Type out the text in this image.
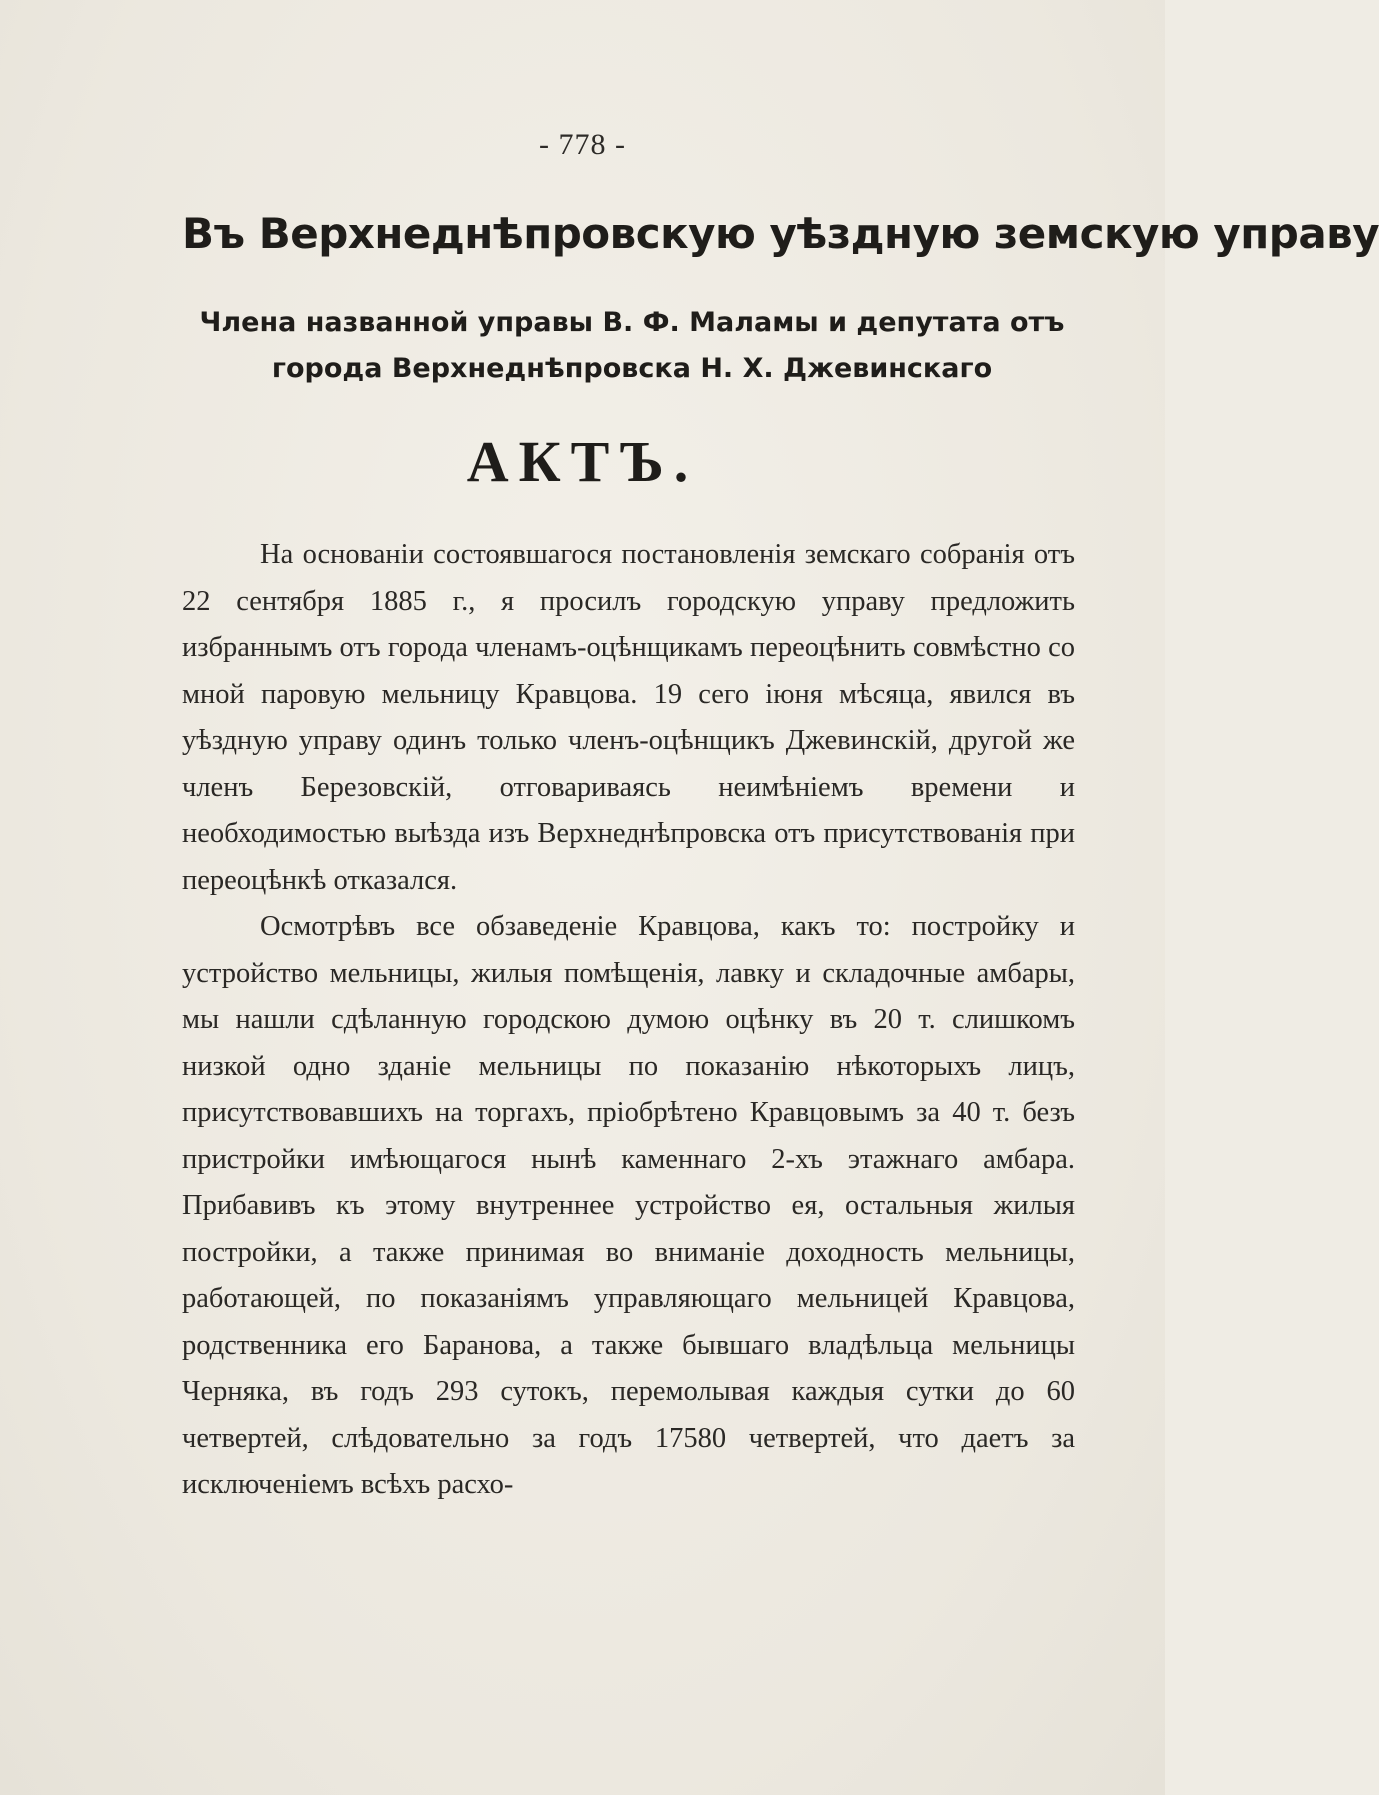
- 778 -
Въ Верхнеднѣпровскую уѣздную земскую управу
Члена названной управы В. Ф. Маламы и депутата отъ города Верхнеднѣпровска Н. Х. Джевинскаго
АКТЪ.

На основаніи состоявшагося постановленія земскаго собранія отъ 22 сентября 1885 г., я просилъ городскую управу предложить избраннымъ отъ города членамъ-оцѣнщикамъ переоцѣнить совмѣстно со мной паровую мельницу Кравцова. 19 сего іюня мѣсяца, явился въ уѣздную управу одинъ только членъ-оцѣнщикъ Джевинскій, другой же членъ Березовскій, отговариваясь неимѣніемъ времени и необходимостью выѣзда изъ Верхнеднѣпровска отъ присутствованія при переоцѣнкѣ отказался.

Осмотрѣвъ все обзаведеніе Кравцова, какъ то: постройку и устройство мельницы, жилыя помѣщенія, лавку и складочные амбары, мы нашли сдѣланную городскою думою оцѣнку въ 20 т. слишкомъ низкой одно зданіе мельницы по показанію нѣкоторыхъ лицъ, присутствовавшихъ на торгахъ, пріобрѣтено Кравцовымъ за 40 т. безъ пристройки имѣющагося нынѣ каменнаго 2-хъ этажнаго амбара. Прибавивъ къ этому внутреннее устройство ея, остальныя жилыя постройки, а также принимая во вниманіе доходность мельницы, работающей, по показаніямъ управляющаго мельницей Кравцова, родственника его Баранова, а также бывшаго владѣльца мельницы Черняка, въ годъ 293 сутокъ, перемолывая каждыя сутки до 60 четвертей, слѣдовательно за годъ 17580 четвертей, что даетъ за исключеніемъ всѣхъ расхо-
